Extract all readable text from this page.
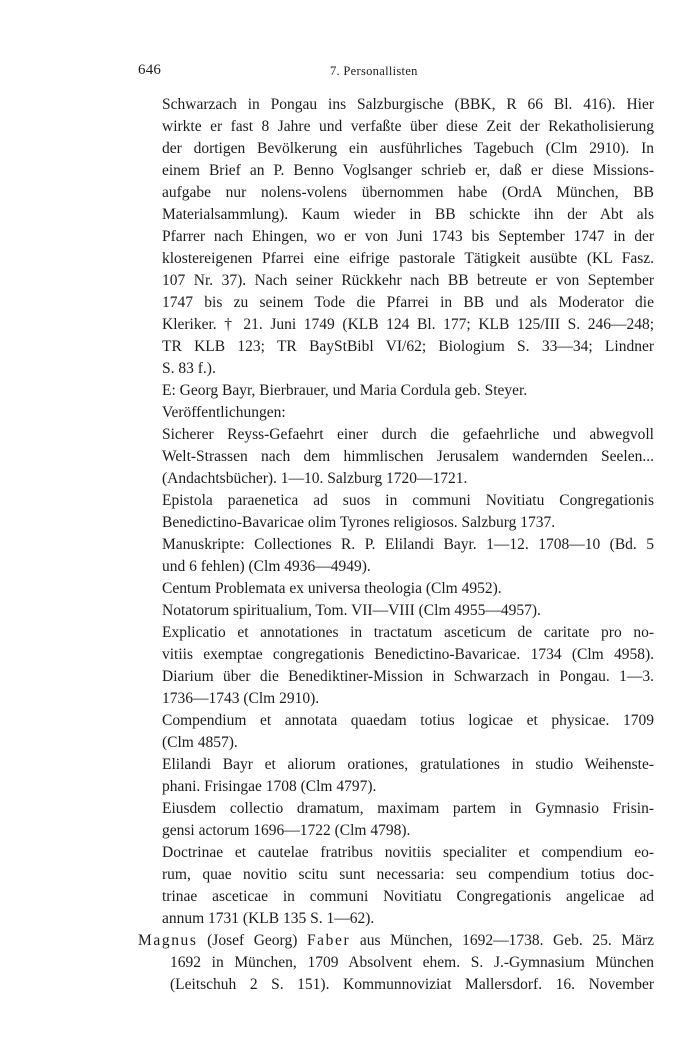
646	7. Personallisten
Schwarzach in Pongau ins Salzburgische (BBK, R 66 Bl. 416). Hier
wirkte er fast 8 Jahre und verfaßte über diese Zeit der Rekatholisierung
der dortigen Bevölkerung ein ausführliches Tagebuch (Clm 2910). In
einem Brief an P. Benno Voglsanger schrieb er, daß er diese Missions-
aufgabe nur nolens-volens übernommen habe (OrdA München, BB
Materialsammlung). Kaum wieder in BB schickte ihn der Abt als
Pfarrer nach Ehingen, wo er von Juni 1743 bis September 1747 in der
klostereigenen Pfarrei eine eifrige pastorale Tätigkeit ausübte (KL Fasz.
107 Nr. 37). Nach seiner Rückkehr nach BB betreute er von September
1747 bis zu seinem Tode die Pfarrei in BB und als Moderator die
Kleriker. † 21. Juni 1749 (KLB 124 Bl. 177; KLB 125/III S. 246—248;
TR KLB 123; TR BayStBibl VI/62; Biologium S. 33—34; Lindner
S. 83 f.).
E: Georg Bayr, Bierbrauer, und Maria Cordula geb. Steyer.
Veröffentlichungen:
Sicherer Reyss-Gefaehrt einer durch die gefaehrliche und abwegvoll
Welt-Strassen nach dem himmlischen Jerusalem wandernden Seelen...
(Andachtsbücher). 1—10. Salzburg 1720—1721.
Epistola paraenetica ad suos in communi Novitiatu Congregationis
Benedictino-Bavaricae olim Tyrones religiosos. Salzburg 1737.
Manuskripte: Collectiones R. P. Elilandi Bayr. 1—12. 1708—10 (Bd. 5
und 6 fehlen) (Clm 4936—4949).
Centum Problemata ex universa theologia (Clm 4952).
Notatorum spiritualium, Tom. VII—VIII (Clm 4955—4957).
Explicatio et annotationes in tractatum asceticum de caritate pro no-
vitiis exemptae congregationis Benedictino-Bavaricae. 1734 (Clm 4958).
Diarium über die Benediktiner-Mission in Schwarzach in Pongau. 1—3.
1736—1743 (Clm 2910).
Compendium et annotata quaedam totius logicae et physicae. 1709
(Clm 4857).
Elilandi Bayr et aliorum orationes, gratulationes in studio Weihenste-
phani. Frisingae 1708 (Clm 4797).
Eiusdem collectio dramatum, maximam partem in Gymnasio Frisin-
gensi actorum 1696—1722 (Clm 4798).
Doctrinae et cautelae fratribus novitiis specialiter et compendium eo-
rum, quae novitio scitu sunt necessaria: seu compendium totius doc-
trinae asceticae in communi Novitiatu Congregationis angelicae ad
annum 1731 (KLB 135 S. 1—62).
Magnus (Josef Georg) Faber aus München, 1692—1738. Geb. 25. März
1692 in München, 1709 Absolvent ehem. S. J.-Gymnasium München
(Leitschuh 2 S. 151). Kommunnoviziat Mallersdorf. 16. November
